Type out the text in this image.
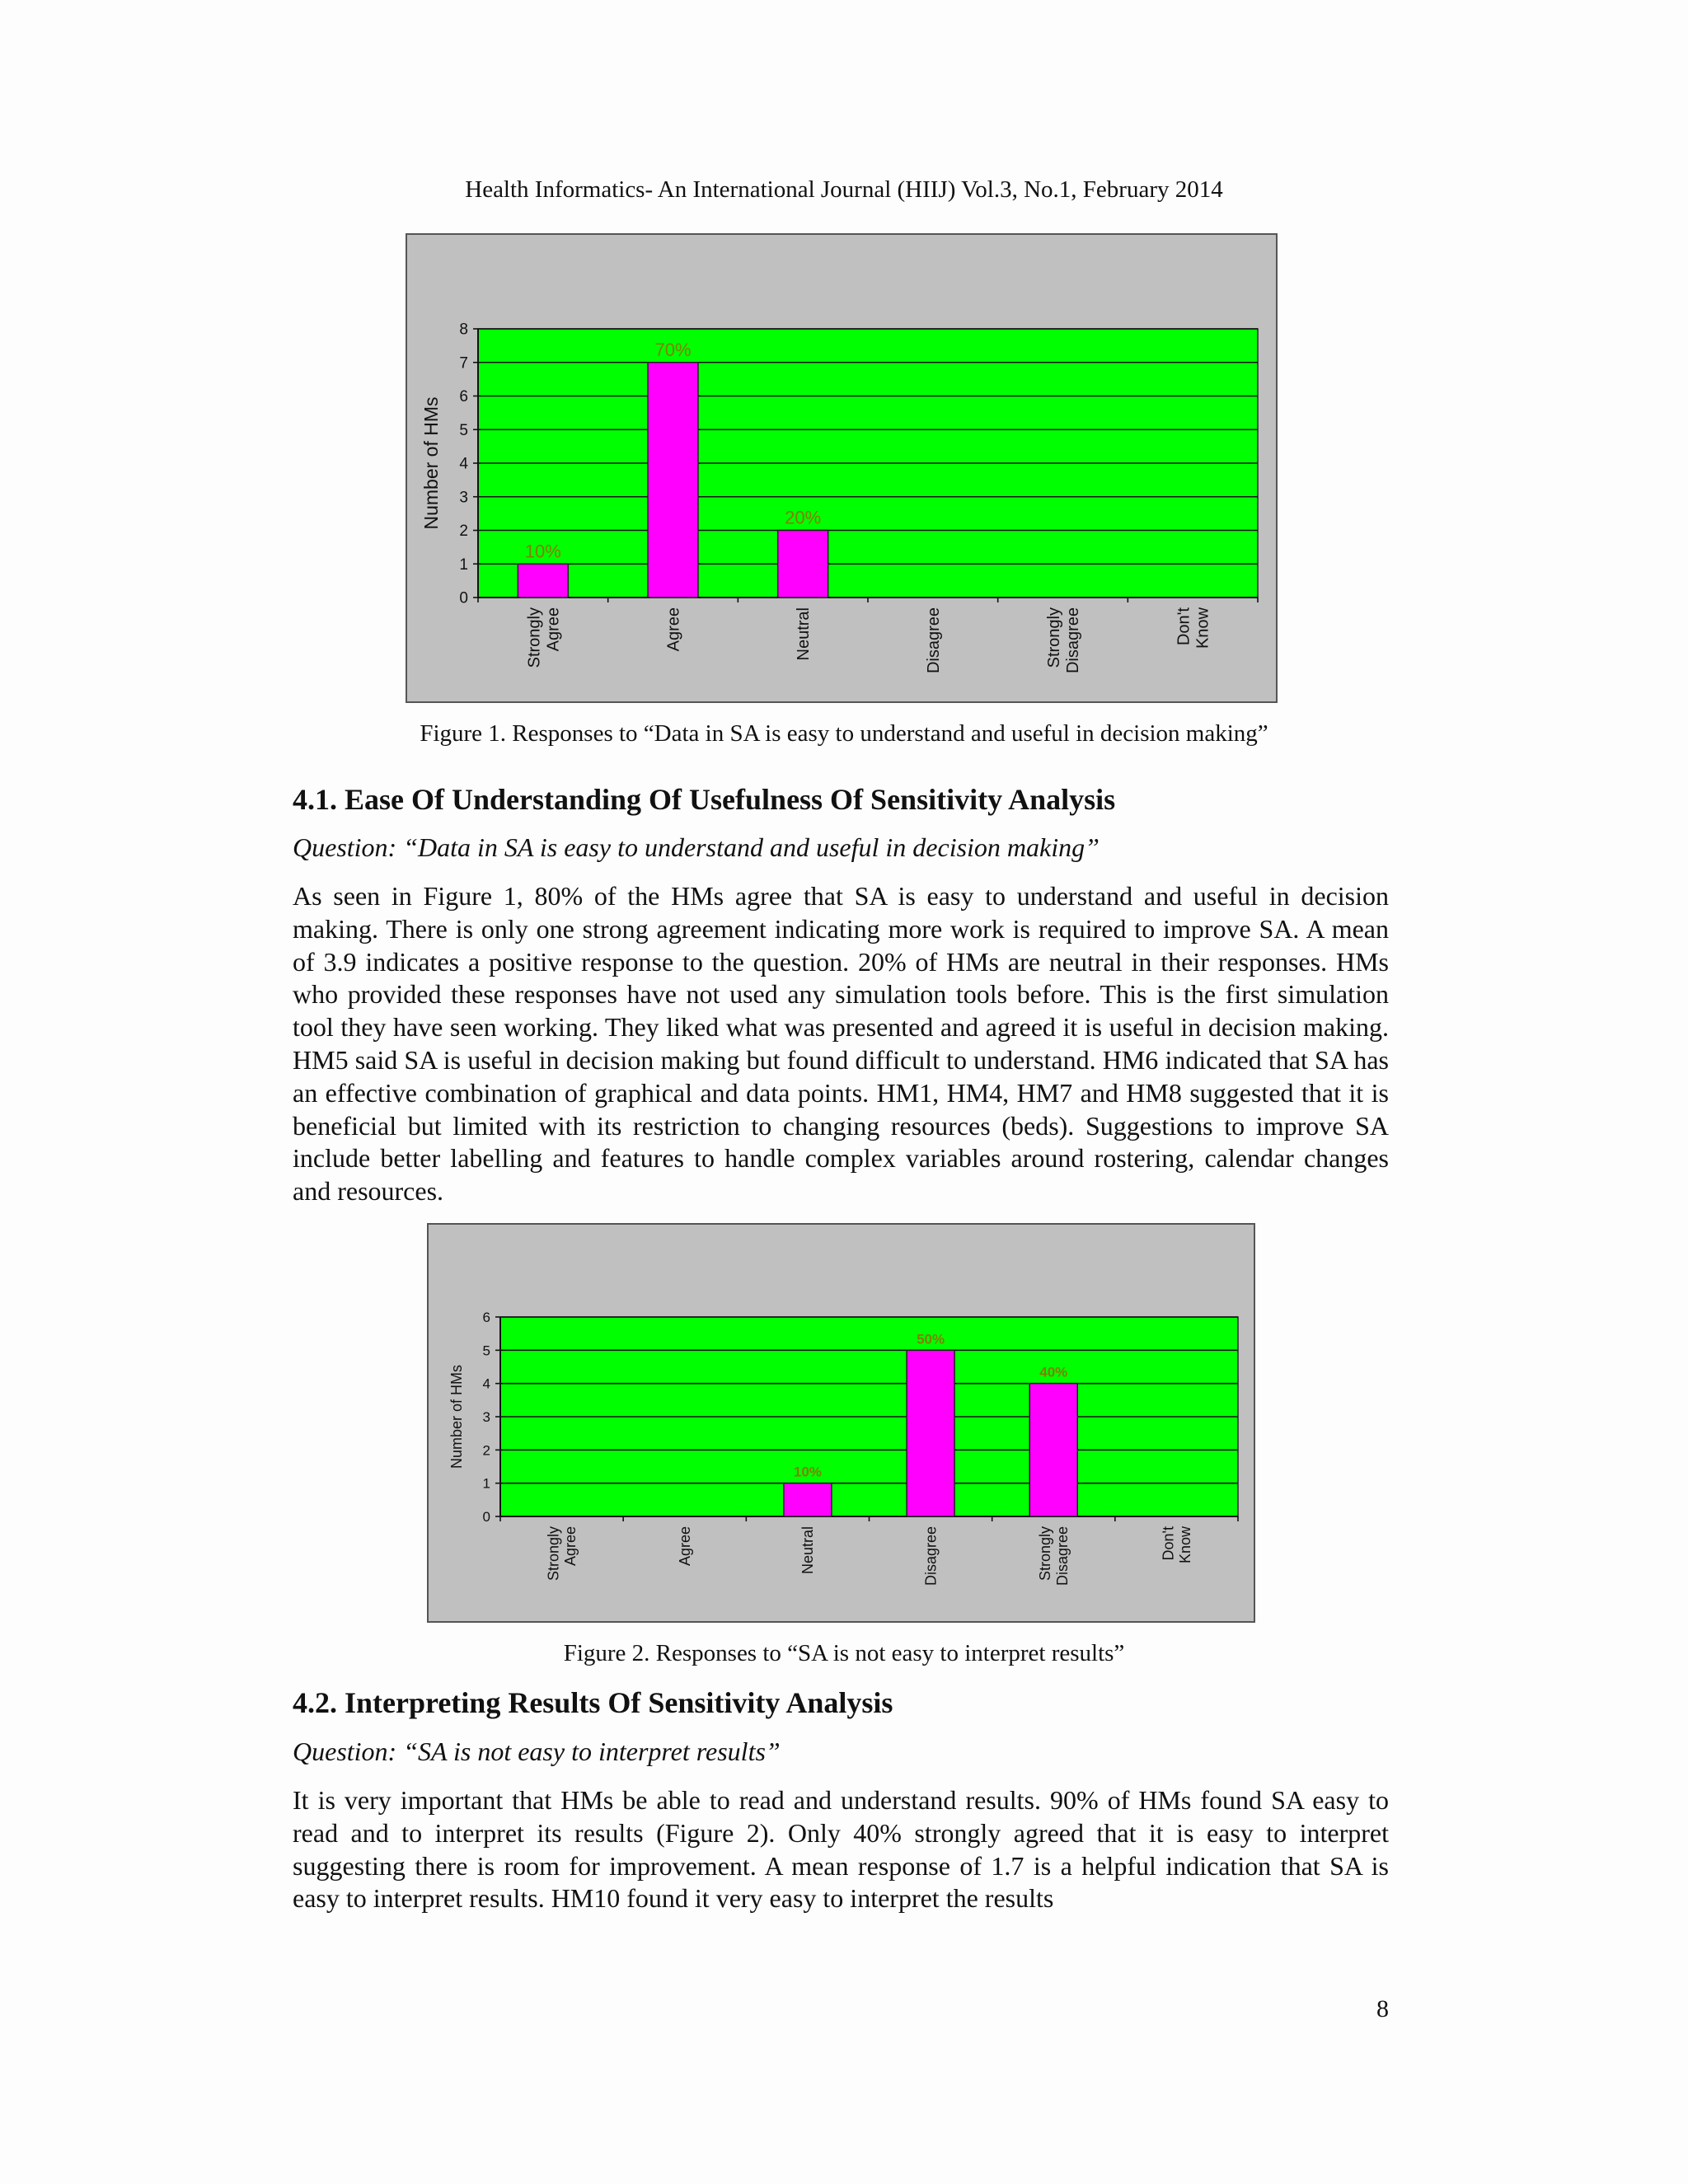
Health Informatics- An International Journal (HIIJ) Vol.3, No.1, February 2014
0
1
2
3
4
5
6
7
8
10%
Strongly Agree
70%
Agree
20%
Neutral	Disagree	Strongly Disagree	Don't Know
Number of HMs
Figure 1. Responses to “Data in SA is easy to understand and useful in decision making”
4.1. Ease Of Understanding Of Usefulness Of Sensitivity Analysis
Question: “Data in SA is easy to understand and useful in decision making”

As seen in Figure 1, 80% of the HMs agree that SA is easy to understand and useful in decision making. There is only one strong agreement indicating more work is required to improve SA. A mean of 3.9 indicates a positive response to the question. 20% of HMs are neutral in their responses. HMs who provided these responses have not used any simulation tools before. This is the first simulation tool they have seen working. They liked what was presented and agreed it is useful in decision making. HM5 said SA is useful in decision making but found difficult to understand. HM6 indicated that SA has an effective combination of graphical and data points. HM1, HM4, HM7 and HM8 suggested that it is beneficial but limited with its restriction to changing resources (beds). Suggestions to improve SA include better labelling and features to handle complex variables around rostering, calendar changes and resources.

0
1
2
3
4
5
6
Strongly Agree	Agree
10%
Neutral
50%
Disagree
40%
Strongly Disagree	Don't Know
Number of HMs
Figure 2. Responses to “SA is not easy to interpret results”
4.2. Interpreting Results Of Sensitivity Analysis
Question: “SA is not easy to interpret results”

It is very important that HMs be able to read and understand results. 90% of HMs found SA easy to read and to interpret its results (Figure 2). Only 40% strongly agreed that it is easy to interpret suggesting there is room for improvement. A mean response of 1.7 is a helpful indication that SA is easy to interpret results. HM10 found it very easy to interpret the results

8
